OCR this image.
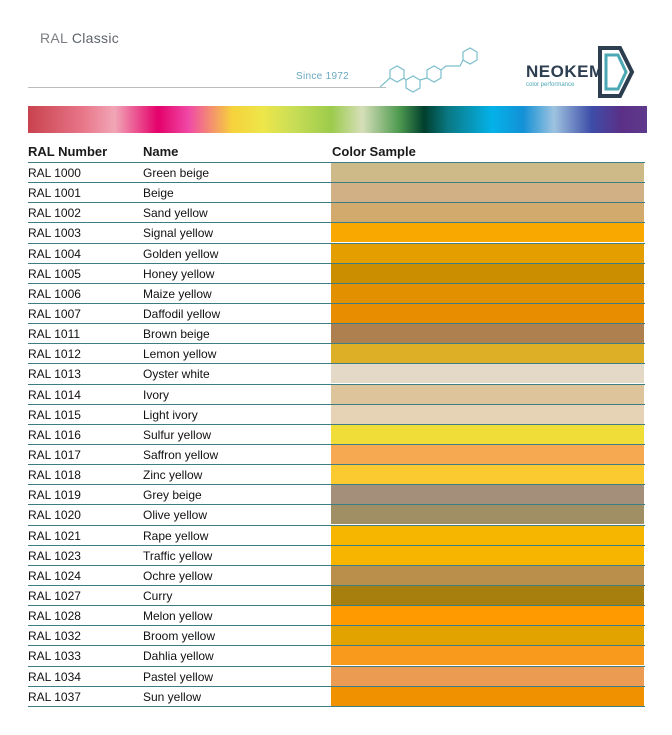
RAL Classic
Since 1972	NEOKEM
color performance
RAL Number	Name	Color Sample
RAL 1000	Green beige
RAL 1001	Beige
RAL 1002	Sand yellow
RAL 1003	Signal yellow
RAL 1004	Golden yellow
RAL 1005	Honey yellow
RAL 1006	Maize yellow
RAL 1007	Daffodil yellow
RAL 1011	Brown beige
RAL 1012	Lemon yellow
RAL 1013	Oyster white
RAL 1014	Ivory
RAL 1015	Light ivory
RAL 1016	Sulfur yellow
RAL 1017	Saffron yellow
RAL 1018	Zinc yellow
RAL 1019	Grey beige
RAL 1020	Olive yellow
RAL 1021	Rape yellow
RAL 1023	Traffic yellow
RAL 1024	Ochre yellow
RAL 1027	Curry
RAL 1028	Melon yellow
RAL 1032	Broom yellow
RAL 1033	Dahlia yellow
RAL 1034	Pastel yellow
RAL 1037	Sun yellow
